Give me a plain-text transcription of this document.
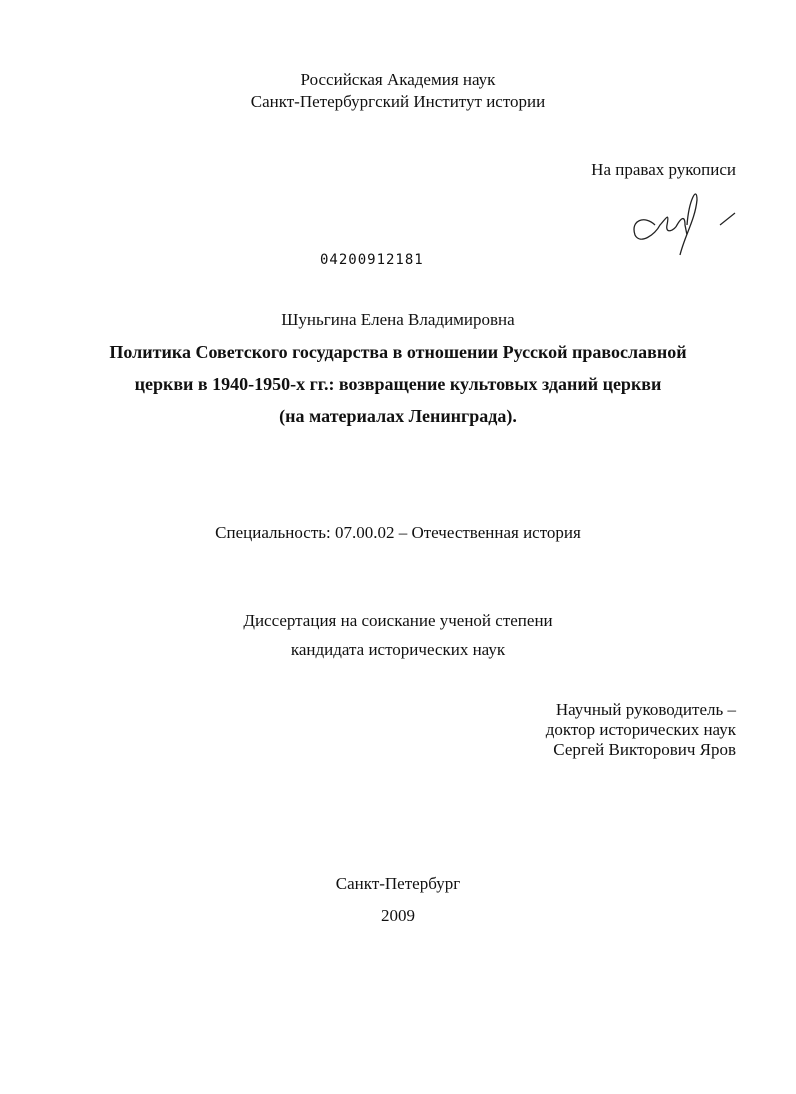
Российская Академия наук
Санкт-Петербургский Институт истории
На правах рукописи
04200912181
Шуньгина Елена Владимировна
Политика Советского государства в отношении Русской православной
церкви в 1940-1950-х гг.: возвращение культовых зданий церкви
(на материалах Ленинграда).
Специальность: 07.00.02 – Отечественная история
Диссертация на соискание ученой степени
кандидата исторических наук
Научный руководитель –
доктор исторических наук
Сергей Викторович Яров
Санкт-Петербург
2009
